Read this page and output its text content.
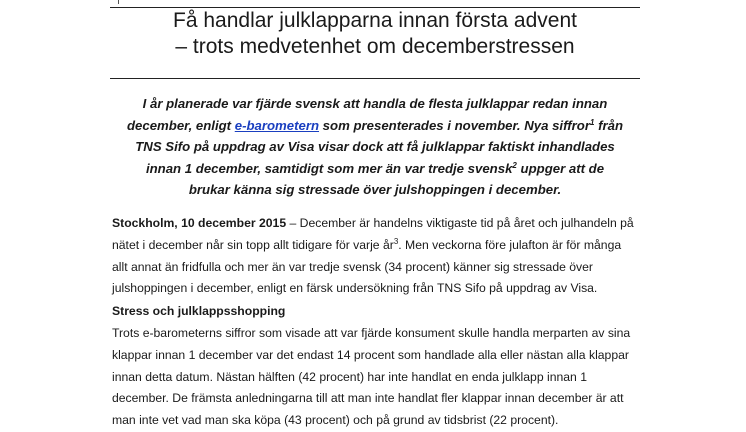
Få handlar julklapparna innan första advent
– trots medvetenhet om decemberstressen
I år planerade var fjärde svensk att handla de flesta julklappar redan innan
december, enligt e-barometern som presenterades i november. Nya siffror$^1$ från
TNS Sifo på uppdrag av Visa visar dock att få julklappar faktiskt inhandlades
innan 1 december, samtidigt som mer än var tredje svensk$^2$ uppger att de
brukar känna sig stressade över julshoppingen i december.
Stockholm, 10 december 2015 – December är handelns viktigaste tid på året och julhandeln på
nätet i december når sin topp allt tidigare för varje $år^3$. Men veckorna före julafton är för många
allt annat än fridfulla och mer än var tredje svensk (34 procent) känner sig stressade över
julshoppingen i december, enligt en färsk undersökning från TNS Sifo på uppdrag av Visa.
Stress och julklappsshopping
Trots e-barometerns siffror som visade att var fjärde konsument skulle handla merparten av sina
klappar innan 1 december var det endast 14 procent som handlade alla eller nästan alla klappar
innan detta datum. Nästan hälften (42 procent) har inte handlat en enda julklapp innan 1
december. De främsta anledningarna till att man inte handlat fler klappar innan december är att
man inte vet vad man ska köpa (43 procent) och på grund av tidsbrist (22 procent).
